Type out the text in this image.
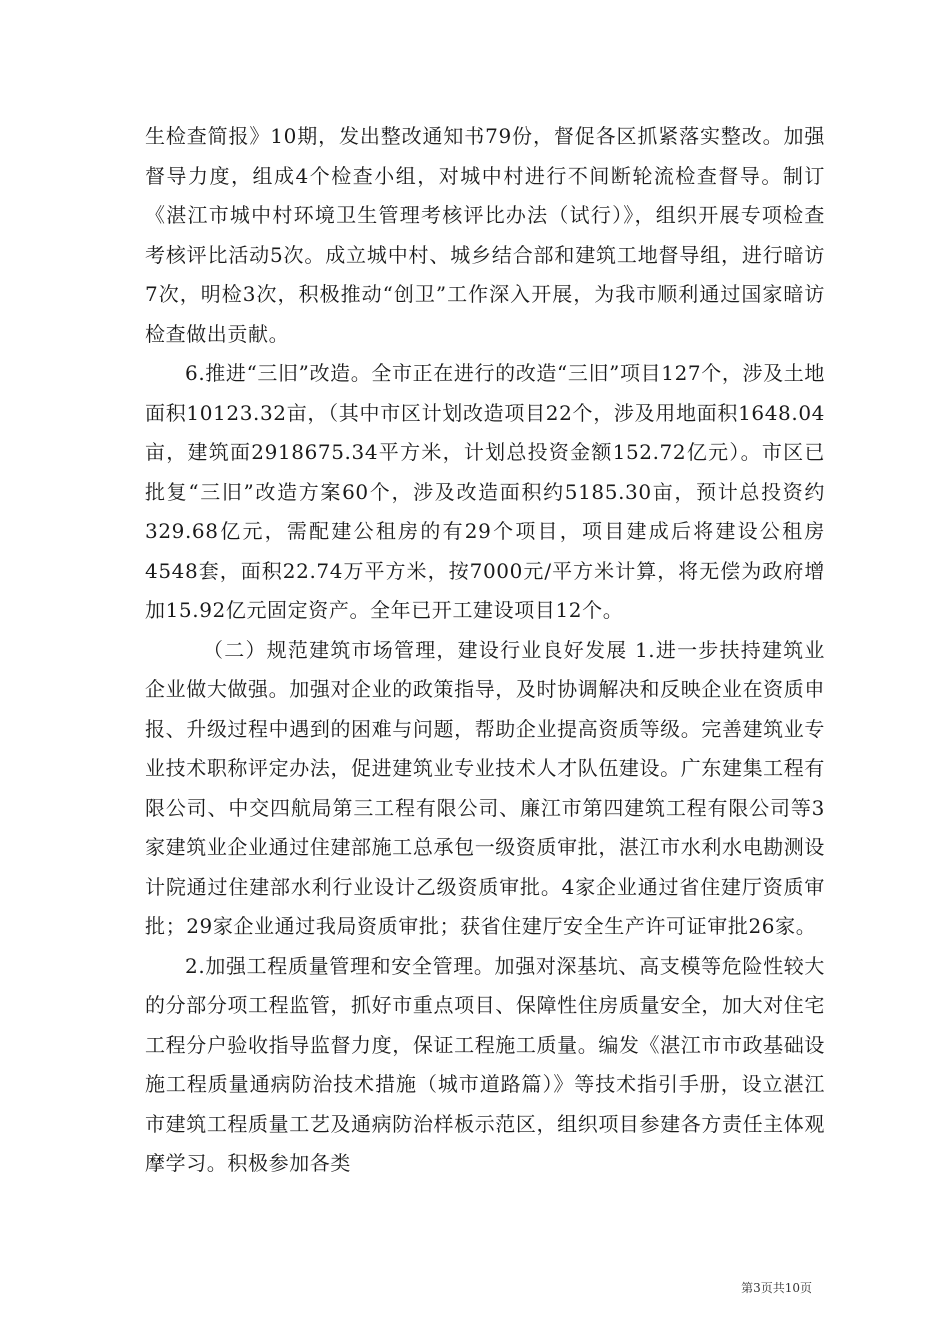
生检查简报》10期，发出整改通知书79份，督促各区抓紧落实整改。加强督导力度，组成4个检查小组，对城中村进行不间断轮流检查督导。制订《湛江市城中村环境卫生管理考核评比办法（试行）》，组织开展专项检查考核评比活动5次。成立城中村、城乡结合部和建筑工地督导组，进行暗访7次，明检3次，积极推动“创卫”工作深入开展，为我市顺利通过国家暗访检查做出贡献。

6.推进“三旧”改造。全市正在进行的改造“三旧”项目127个，涉及土地面积10123.32亩，（其中市区计划改造项目22个，涉及用地面积1648.04亩，建筑面2918675.34平方米，计划总投资金额152.72亿元）。市区已批复“三旧”改造方案60个，涉及改造面积约5185.30亩，预计总投资约329.68亿元，需配建公租房的有29个项目，项目建成后将建设公租房4548套，面积22.74万平方米，按7000元/平方米计算，将无偿为政府增加15.92亿元固定资产。全年已开工建设项目12个。

（二）规范建筑市场管理，建设行业良好发展 1.进一步扶持建筑业企业做大做强。加强对企业的政策指导，及时协调解决和反映企业在资质申报、升级过程中遇到的困难与问题，帮助企业提高资质等级。完善建筑业专业技术职称评定办法，促进建筑业专业技术人才队伍建设。广东建集工程有限公司、中交四航局第三工程有限公司、廉江市第四建筑工程有限公司等3家建筑业企业通过住建部施工总承包一级资质审批，湛江市水利水电勘测设计院通过住建部水利行业设计乙级资质审批。4家企业通过省住建厅资质审批；29家企业通过我局资质审批；获省住建厅安全生产许可证审批26家。

2.加强工程质量管理和安全管理。加强对深基坑、高支模等危险性较大的分部分项工程监管，抓好市重点项目、保障性住房质量安全，加大对住宅工程分户验收指导监督力度，保证工程施工质量。编发《湛江市市政基础设施工程质量通病防治技术措施（城市道路篇）》等技术指引手册，设立湛江市建筑工程质量工艺及通病防治样板示范区，组织项目参建各方责任主体观摩学习。积极参加各类

第3页共10页
